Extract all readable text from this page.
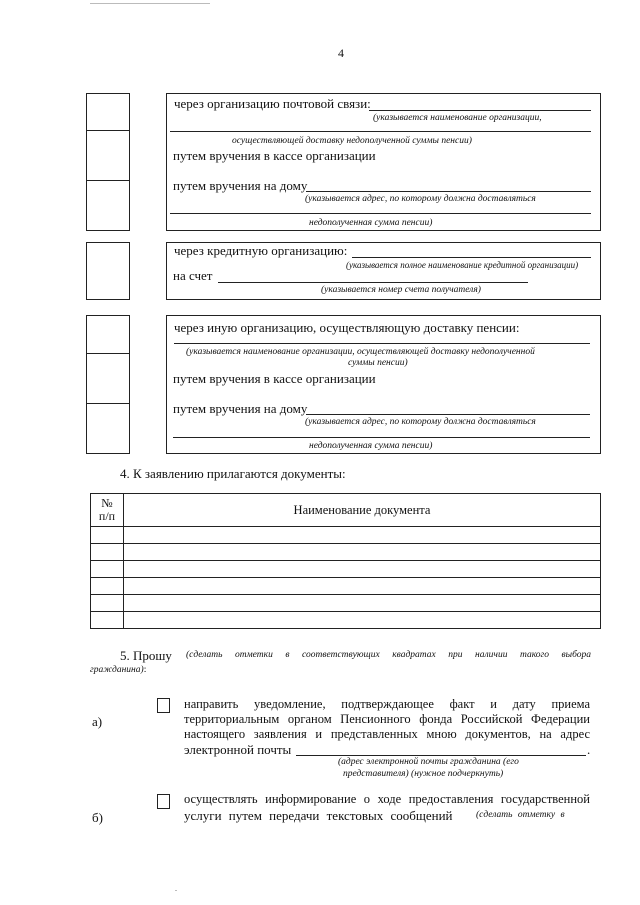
4
через организацию почтовой связи:
(указывается наименование организации,
осуществляющей доставку недополученной суммы пенсии)
путем вручения в кассе организации
путем вручения на дому
(указывается адрес, по которому должна доставляться
недополученная сумма пенсии)
через кредитную организацию:
(указывается полное наименование кредитной организации)
на счет
(указывается номер счета получателя)
через иную организацию, осуществляющую доставку пенсии:
(указывается наименование организации, осуществляющей доставку недополученной
суммы пенсии)
путем вручения в кассе организации
путем вручения на дому
(указывается адрес, по которому должна доставляться
недополученная сумма пенсии)
4. К заявлению прилагаются документы:
№
п/п	Наименование документа

5. Прошу (сделать отметки в соответствующих квадратах при наличии такого выбора
гражданина):
а)
направить уведомление, подтверждающее факт и дату приема
территориальным органом Пенсионного фонда Российской Федерации
настоящего заявления и представленных мною документов, на адрес
электронной почты	.
(адрес электронной почты гражданина (его
представителя) (нужное подчеркнуть)
б)
осуществлять информирование о ходе предоставления государственной
услуги путем передачи текстовых сообщений (сделать отметку в
